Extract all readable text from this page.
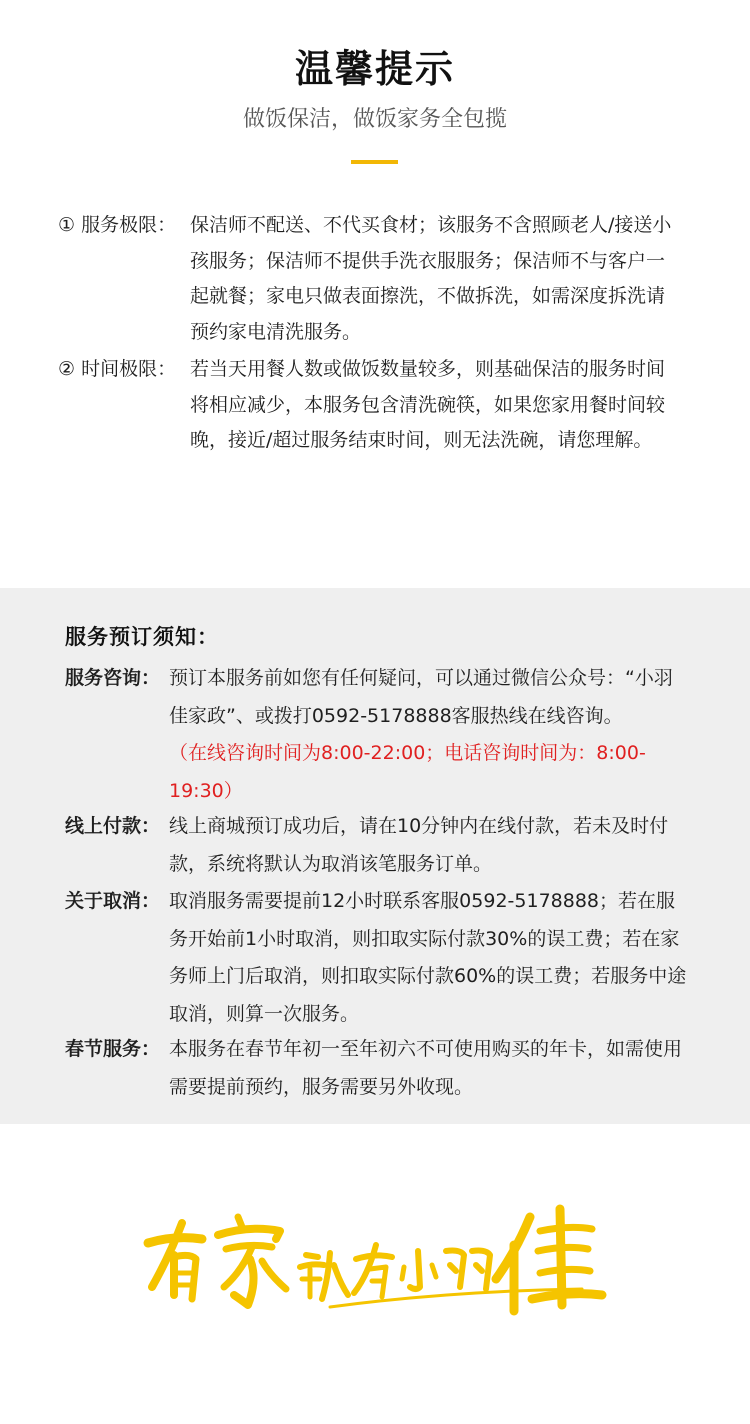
温馨提示

做饭保洁，做饭家务全包揽

① 服务极限： 保洁师不配送、不代买食材；该服务不含照顾老人/接送小孩服务；保洁师不提供手洗衣服服务；保洁师不与客户一起就餐；家电只做表面擦洗，不做拆洗，如需深度拆洗请预约家电清洗服务。
② 时间极限： 若当天用餐人数或做饭数量较多，则基础保洁的服务时间将相应减少，本服务包含清洗碗筷，如果您家用餐时间较晚，接近/超过服务结束时间，则无法洗碗，请您理解。
服务预订须知：
服务咨询： 预订本服务前如您有任何疑问，可以通过微信公众号：“小羽佳家政”、或拨打0592-5178888客服热线在线咨询。
（在线咨询时间为8:00-22:00；电话咨询时间为：8:00-19:30）
线上付款： 线上商城预订成功后，请在10分钟内在线付款，若未及时付款，系统将默认为取消该笔服务订单。
关于取消： 取消服务需要提前12小时联系客服0592-5178888；若在服务开始前1小时取消，则扣取实际付款30%的误工费；若在家务师上门后取消，则扣取实际付款60%的误工费；若服务中途取消，则算一次服务。
春节服务： 本服务在春节年初一至年初六不可使用购买的年卡，如需使用需要提前预约，服务需要另外收现。
